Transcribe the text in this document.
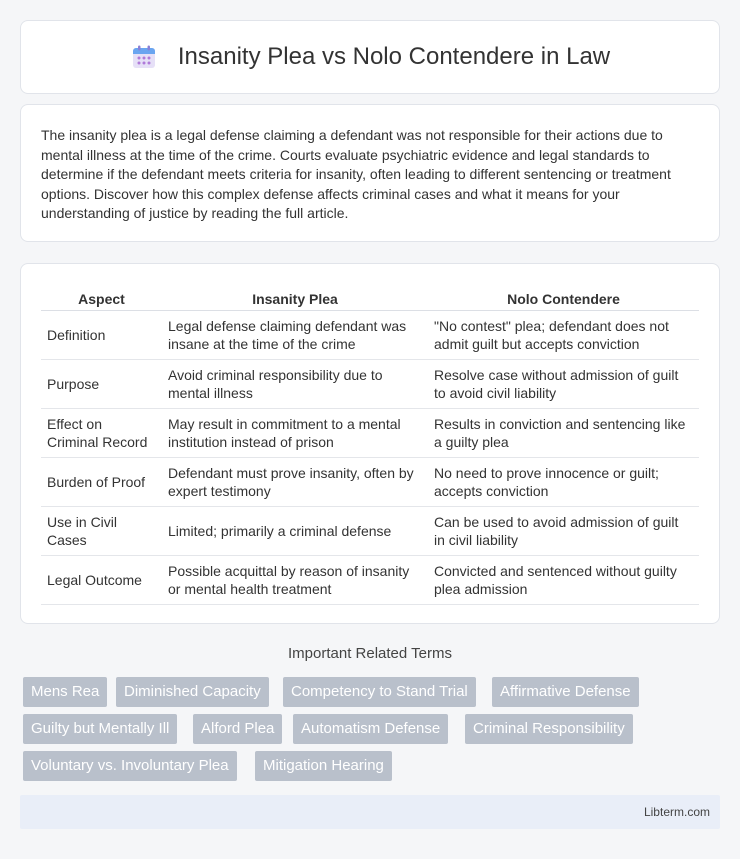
Insanity Plea vs Nolo Contendere in Law

The insanity plea is a legal defense claiming a defendant was not responsible for their actions due to mental illness at the time of the crime. Courts evaluate psychiatric evidence and legal standards to determine if the defendant meets criteria for insanity, often leading to different sentencing or treatment options. Discover how this complex defense affects criminal cases and what it means for your understanding of justice by reading the full article.

Aspect	Insanity Plea	Nolo Contendere
Definition	Legal defense claiming defendant was insane at the time of the crime	"No contest" plea; defendant does not admit guilt but accepts conviction
Purpose	Avoid criminal responsibility due to mental illness	Resolve case without admission of guilt to avoid civil liability
Effect on Criminal Record	May result in commitment to a mental institution instead of prison	Results in conviction and sentencing like a guilty plea
Burden of Proof	Defendant must prove insanity, often by expert testimony	No need to prove innocence or guilt; accepts conviction
Use in Civil Cases	Limited; primarily a criminal defense	Can be used to avoid admission of guilt in civil liability
Legal Outcome	Possible acquittal by reason of insanity or mental health treatment	Convicted and sentenced without guilty plea admission
Important Related Terms
Mens Rea	Diminished Capacity	Competency to Stand Trial	Affirmative Defense
Guilty but Mentally Ill	Alford Plea	Automatism Defense	Criminal Responsibility
Voluntary vs. Involuntary Plea	Mitigation Hearing
Libterm.com
